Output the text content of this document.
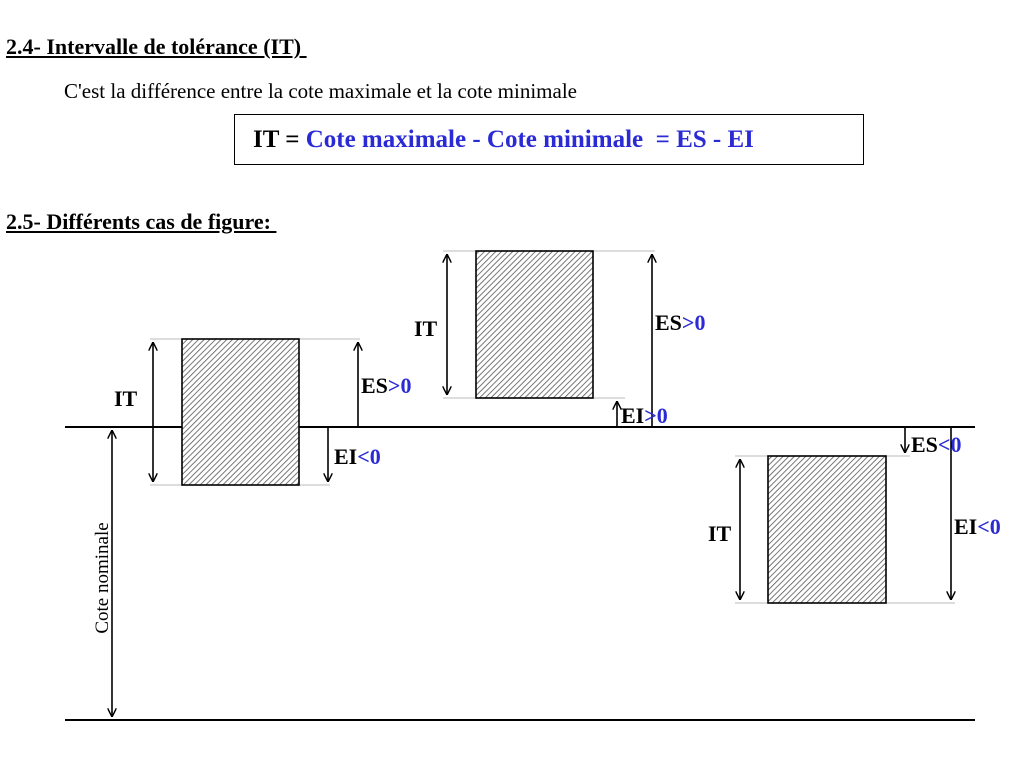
2.4- Intervalle de tolérance (IT)

C'est la différence entre la cote maximale et la cote minimale

IT = Cote maximale - Cote minimale  = ES - EI
2.5- Différents cas de figure:
Cote nominale
IT
ES>0
EI<0
IT	ES>0
EI>0
IT
ES<0
EI<0
